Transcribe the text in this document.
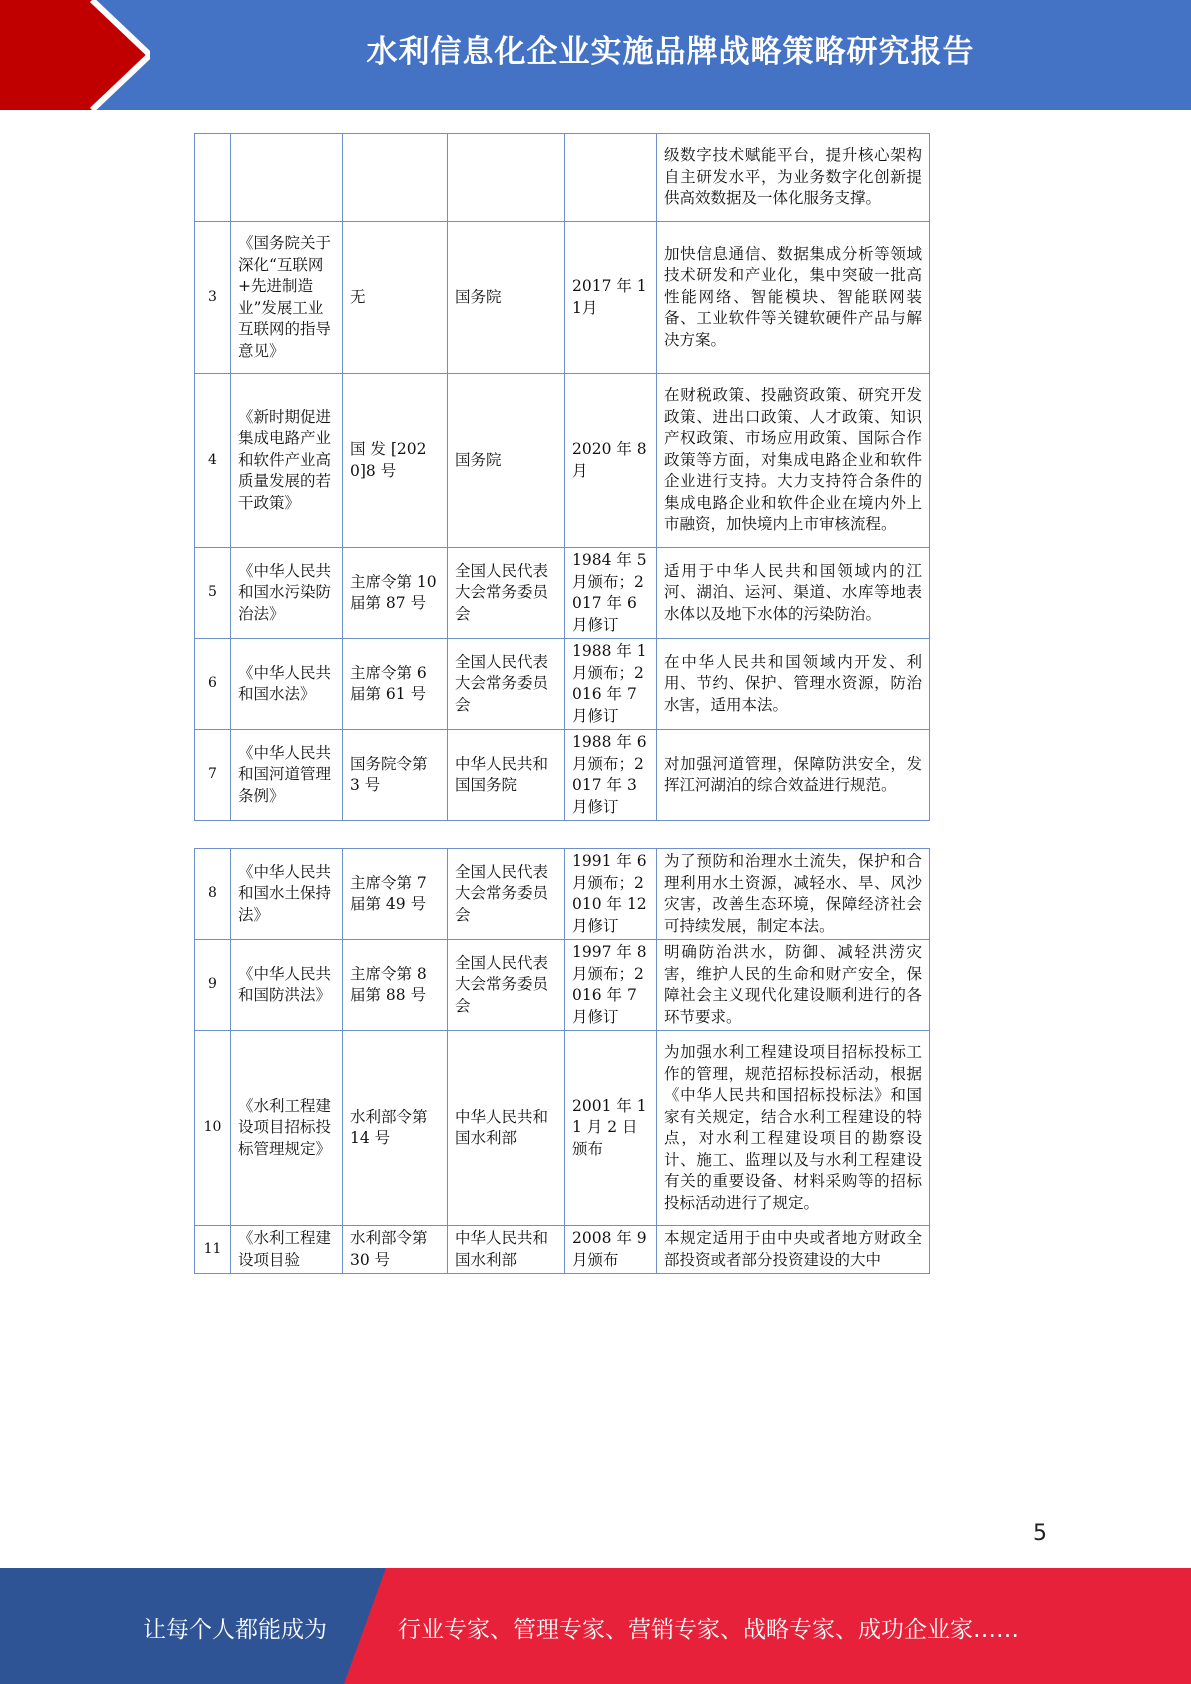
水利信息化企业实施品牌战略策略研究报告
					级数字技术赋能平台，提升核心架构自主研发水平，为业务数字化创新提供高效数据及一体化服务支撑。
3	《国务院关于深化“互联网+先进制造业”发展工业互联网的指导意见》	无	国务院	2017 年 11月	加快信息通信、数据集成分析等领域技术研发和产业化，集中突破一批高性能网络、智能模块、智能联网装备、工业软件等关键软硬件产品与解决方案。
4	《新时期促进集成电路产业和软件产业高质量发展的若干政策》	国 发 [2020]8 号	国务院	2020 年 8 月	在财税政策、投融资政策、研究开发政策、进出口政策、人才政策、知识产权政策、市场应用政策、国际合作政策等方面，对集成电路企业和软件企业进行支持。大力支持符合条件的集成电路企业和软件企业在境内外上市融资，加快境内上市审核流程。
5	《中华人民共和国水污染防治法》	主席令第 10 届第 87 号	全国人民代表大会常务委员会	1984 年 5 月颁布；2017 年 6 月修订	适用于中华人民共和国领域内的江河、湖泊、运河、渠道、水库等地表水体以及地下水体的污染防治。
6	《中华人民共和国水法》	主席令第 6 届第 61 号	全国人民代表大会常务委员会	1988 年 1 月颁布；2016 年 7 月修订	在中华人民共和国领域内开发、利用、节约、保护、管理水资源，防治水害，适用本法。
7	《中华人民共和国河道管理条例》	国务院令第 3 号	中华人民共和国国务院	1988 年 6 月颁布；2017 年 3 月修订	对加强河道管理，保障防洪安全，发挥江河湖泊的综合效益进行规范。
8	《中华人民共和国水土保持法》	主席令第 7 届第 49 号	全国人民代表大会常务委员会	1991 年 6 月颁布；2010 年 12 月修订	为了预防和治理水土流失，保护和合理利用水土资源，减轻水、旱、风沙灾害，改善生态环境，保障经济社会可持续发展，制定本法。
9	《中华人民共和国防洪法》	主席令第 8 届第 88 号	全国人民代表大会常务委员会	1997 年 8 月颁布；2016 年 7 月修订	明确防治洪水，防御、减轻洪涝灾害，维护人民的生命和财产安全，保障社会主义现代化建设顺利进行的各环节要求。
10	《水利工程建设项目招标投标管理规定》	水利部令第 14 号	中华人民共和国水利部	2001 年 11 月 2 日颁布	为加强水利工程建设项目招标投标工作的管理，规范招标投标活动，根据《中华人民共和国招标投标法》和国家有关规定，结合水利工程建设的特点，对水利工程建设项目的勘察设计、施工、监理以及与水利工程建设有关的重要设备、材料采购等的招标投标活动进行了规定。
11	《水利工程建设项目验	水利部令第 30 号	中华人民共和国水利部	2008 年 9 月颁布	本规定适用于由中央或者地方财政全部投资或者部分投资建设的大中
5
让每个人都能成为	行业专家、管理专家、营销专家、战略专家、成功企业家……
